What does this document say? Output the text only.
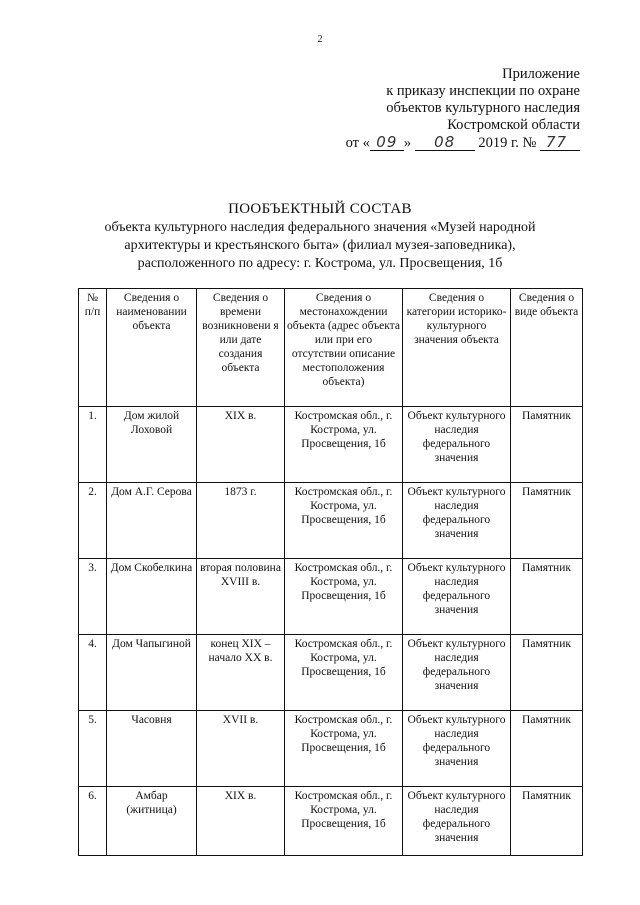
2
Приложение
к приказу инспекции по охране
объектов культурного наследия
Костромской области
от « 09 » 08 2019 г. № 77
ПООБЪЕКТНЫЙ СОСТАВ
объекта культурного наследия федерального значения «Музей народной
архитектуры и крестьянского быта» (филиал музея-заповедника),
расположенного по адресу: г. Кострома, ул. Просвещения, 1б
№ п/п	Сведения о наименовании объекта	Сведения о времени возникновени я или дате создания объекта	Сведения о местонахождении объекта (адрес объекта или при его отсутствии описание местоположения объекта)	Сведения о категории историко-культурного значения объекта	Сведения о виде объекта
1.	Дом жилой Лоховой	XIX в.	Костромская обл., г. Кострома, ул. Просвещения, 1б	Объект культурного наследия федерального значения	Памятник
2.	Дом А.Г. Серова	1873 г.	Костромская обл., г. Кострома, ул. Просвещения, 1б	Объект культурного наследия федерального значения	Памятник
3.	Дом Скобелкина	вторая половина XVIII в.	Костромская обл., г. Кострома, ул. Просвещения, 1б	Объект культурного наследия федерального значения	Памятник
4.	Дом Чапыгиной	конец XIX – начало XX в.	Костромская обл., г. Кострома, ул. Просвещения, 1б	Объект культурного наследия федерального значения	Памятник
5.	Часовня	XVII в.	Костромская обл., г. Кострома, ул. Просвещения, 1б	Объект культурного наследия федерального значения	Памятник
6.	Амбар (житница)	XIX в.	Костромская обл., г. Кострома, ул. Просвещения, 1б	Объект культурного наследия федерального значения	Памятник
